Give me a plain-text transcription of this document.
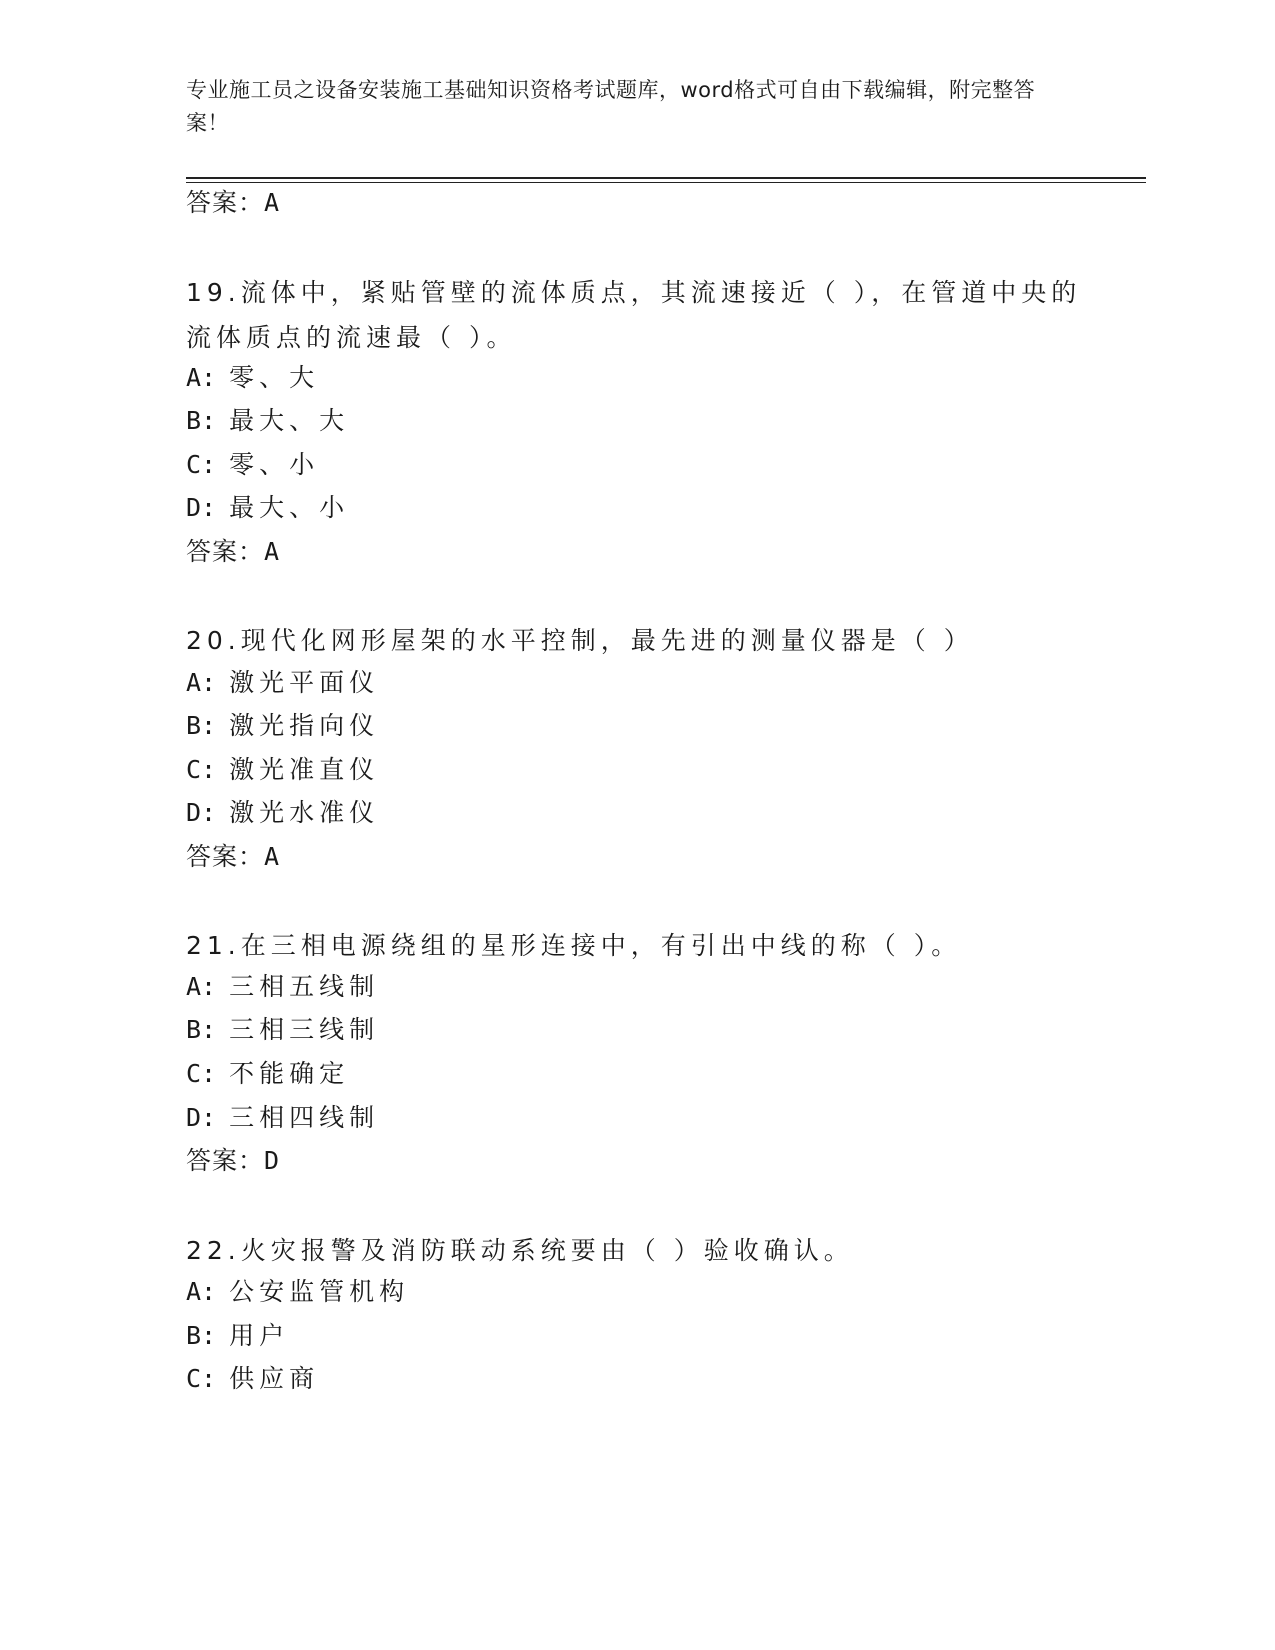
专业施工员之设备安装施工基础知识资格考试题库，word格式可自由下载编辑，附完整答案！
答案：A
19.流体中，紧贴管壁的流体质点，其流速接近（ ），在管道中央的流体质点的流速最（ ）。
A: 零、大
B: 最大、大
C: 零、小
D: 最大、小
答案：A
20.现代化网形屋架的水平控制，最先进的测量仪器是（ ）
A: 激光平面仪
B: 激光指向仪
C: 激光准直仪
D: 激光水准仪
答案：A
21.在三相电源绕组的星形连接中，有引出中线的称（ ）。
A: 三相五线制
B: 三相三线制
C: 不能确定
D: 三相四线制
答案：D
22.火灾报警及消防联动系统要由（ ）验收确认。
A: 公安监管机构
B: 用户
C: 供应商
